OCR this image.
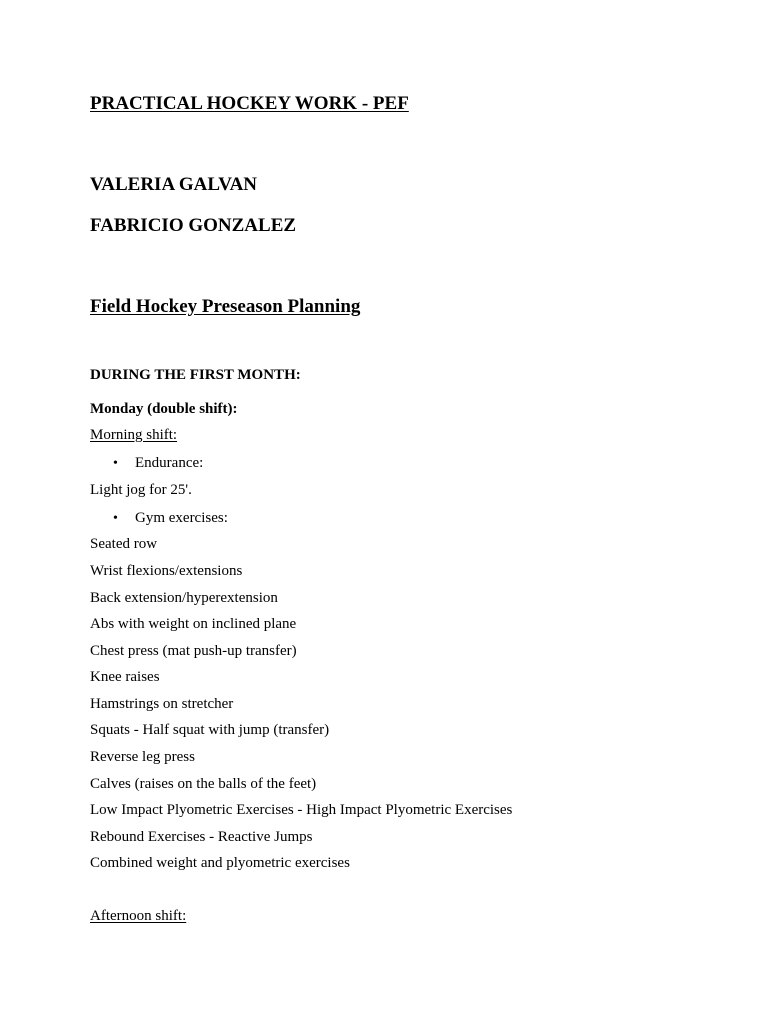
PRACTICAL HOCKEY WORK - PEF
VALERIA GALVAN
FABRICIO GONZALEZ
Field Hockey Preseason Planning
DURING THE FIRST MONTH:
Monday (double shift):
Morning shift:
• Endurance:
Light jog for 25'.
• Gym exercises:
Seated row
Wrist flexions/extensions
Back extension/hyperextension
Abs with weight on inclined plane
Chest press (mat push-up transfer)
Knee raises
Hamstrings on stretcher
Squats - Half squat with jump (transfer)
Reverse leg press
Calves (raises on the balls of the feet)
Low Impact Plyometric Exercises - High Impact Plyometric Exercises
Rebound Exercises - Reactive Jumps
Combined weight and plyometric exercises
Afternoon shift:
